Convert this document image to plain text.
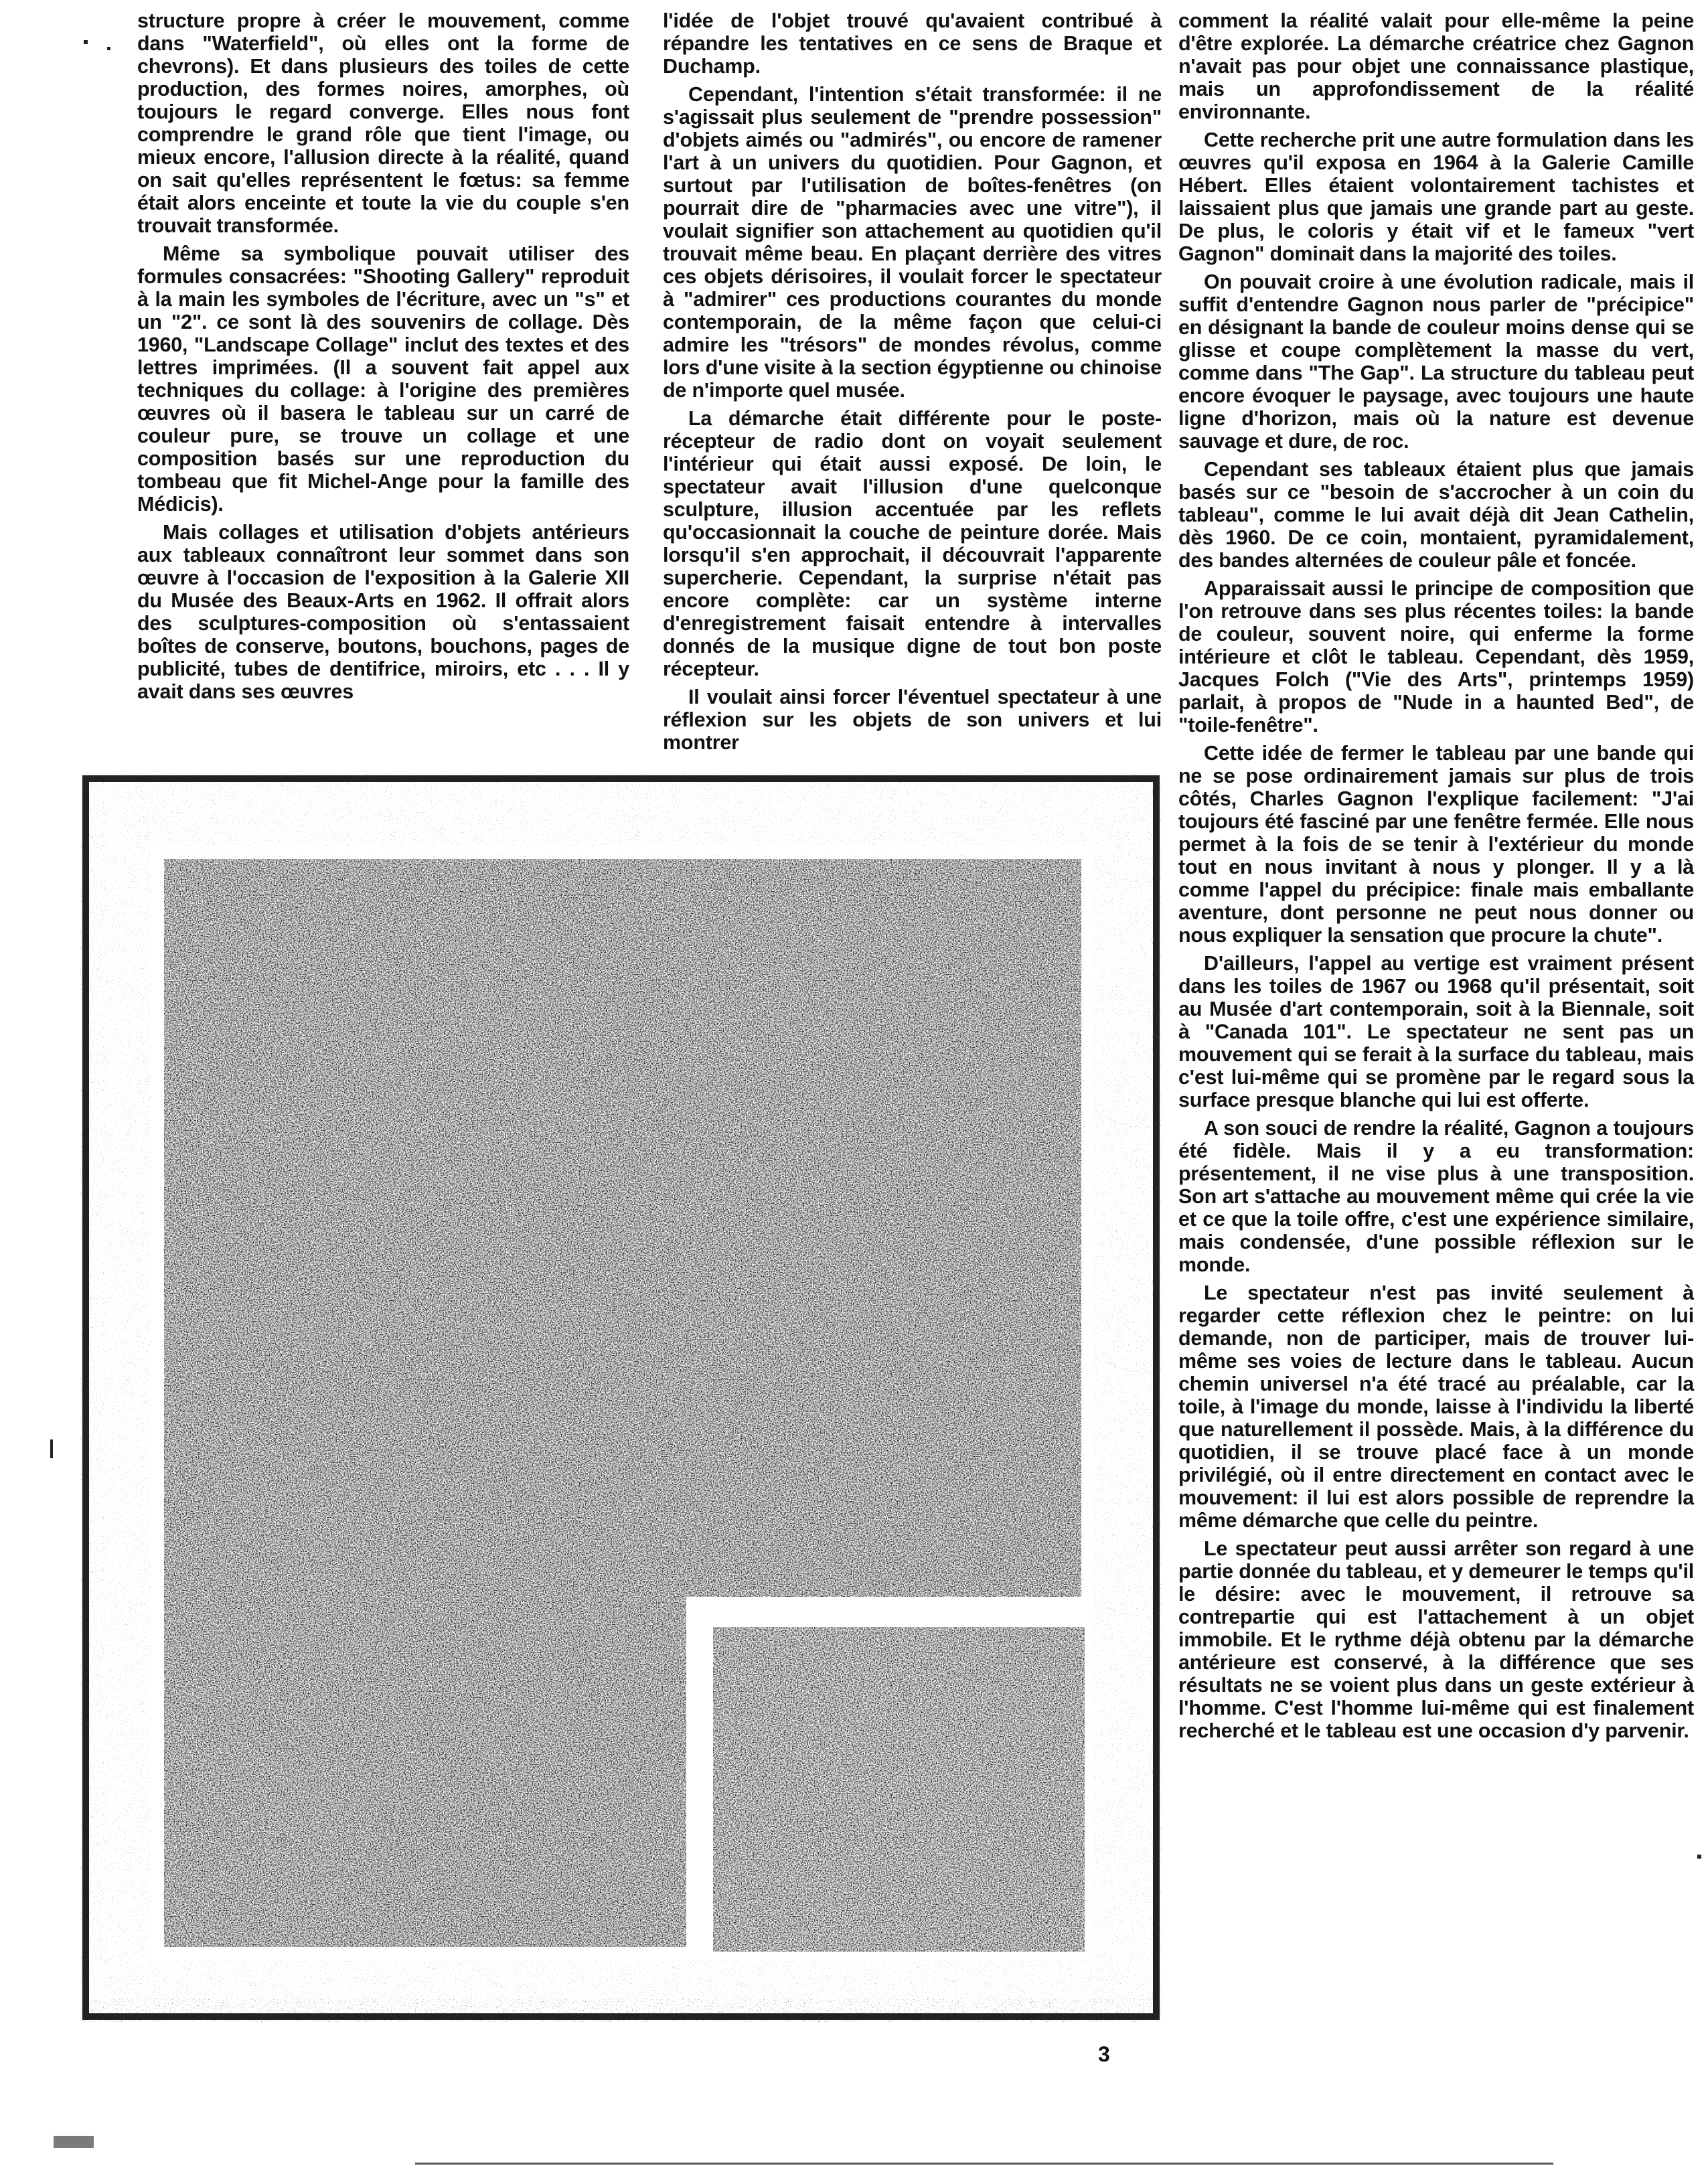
structure propre à créer le mouvement, comme dans "Waterfield", où elles ont la forme de chevrons). Et dans plusieurs des toiles de cette production, des formes noires, amorphes, où toujours le regard converge. Elles nous font comprendre le grand rôle que tient l'image, ou mieux encore, l'allusion directe à la réalité, quand on sait qu'elles représentent le fœtus: sa femme était alors enceinte et toute la vie du couple s'en trouvait transformée.

Même sa symbolique pouvait utiliser des formules consacrées: "Shooting Gallery" reproduit à la main les symboles de l'écriture, avec un "s" et un "2". ce sont là des souvenirs de collage. Dès 1960, "Landscape Collage" inclut des textes et des lettres imprimées. (Il a souvent fait appel aux techniques du collage: à l'origine des premières œuvres où il basera le tableau sur un carré de couleur pure, se trouve un collage et une composition basés sur une reproduction du tombeau que fit Michel-Ange pour la famille des Médicis).

Mais collages et utilisation d'objets antérieurs aux tableaux connaîtront leur sommet dans son œuvre à l'occasion de l'exposition à la Galerie XII du Musée des Beaux-Arts en 1962. Il offrait alors des sculptures-composition où s'entassaient boîtes de conserve, boutons, bouchons, pages de publicité, tubes de dentifrice, miroirs, etc . . . Il y avait dans ses œuvres

l'idée de l'objet trouvé qu'avaient contribué à répandre les tentatives en ce sens de Braque et Duchamp.

Cependant, l'intention s'était transformée: il ne s'agissait plus seulement de "prendre possession" d'objets aimés ou "admirés", ou encore de ramener l'art à un univers du quotidien. Pour Gagnon, et surtout par l'utilisation de boîtes-fenêtres (on pourrait dire de "pharmacies avec une vitre"), il voulait signifier son attachement au quotidien qu'il trouvait même beau. En plaçant derrière des vitres ces objets dérisoires, il voulait forcer le spectateur à "admirer" ces productions courantes du monde contemporain, de la même façon que celui-ci admire les "trésors" de mondes révolus, comme lors d'une visite à la section égyptienne ou chinoise de n'importe quel musée.

La démarche était différente pour le poste-récepteur de radio dont on voyait seulement l'intérieur qui était aussi exposé. De loin, le spectateur avait l'illusion d'une quelconque sculpture, illusion accentuée par les reflets qu'occasionnait la couche de peinture dorée. Mais lorsqu'il s'en approchait, il découvrait l'apparente supercherie. Cependant, la surprise n'était pas encore complète: car un système interne d'enregistrement faisait entendre à intervalles donnés de la musique digne de tout bon poste récepteur.

Il voulait ainsi forcer l'éventuel spectateur à une réflexion sur les objets de son univers et lui montrer

comment la réalité valait pour elle-même la peine d'être explorée. La démarche créatrice chez Gagnon n'avait pas pour objet une connaissance plastique, mais un approfondissement de la réalité environnante.

Cette recherche prit une autre formulation dans les œuvres qu'il exposa en 1964 à la Galerie Camille Hébert. Elles étaient volontairement tachistes et laissaient plus que jamais une grande part au geste. De plus, le coloris y était vif et le fameux "vert Gagnon" dominait dans la majorité des toiles.

On pouvait croire à une évolution radicale, mais il suffit d'entendre Gagnon nous parler de "précipice" en désignant la bande de couleur moins dense qui se glisse et coupe complètement la masse du vert, comme dans "The Gap". La structure du tableau peut encore évoquer le paysage, avec toujours une haute ligne d'horizon, mais où la nature est devenue sauvage et dure, de roc.

Cependant ses tableaux étaient plus que jamais basés sur ce "besoin de s'accrocher à un coin du tableau", comme le lui avait déjà dit Jean Cathelin, dès 1960. De ce coin, montaient, pyramidalement, des bandes alternées de couleur pâle et foncée.

Apparaissait aussi le principe de composition que l'on retrouve dans ses plus récentes toiles: la bande de couleur, souvent noire, qui enferme la forme intérieure et clôt le tableau. Cependant, dès 1959, Jacques Folch ("Vie des Arts", printemps 1959) parlait, à propos de "Nude in a haunted Bed", de "toile-fenêtre".

Cette idée de fermer le tableau par une bande qui ne se pose ordinairement jamais sur plus de trois côtés, Charles Gagnon l'explique facilement: "J'ai toujours été fasciné par une fenêtre fermée. Elle nous permet à la fois de se tenir à l'extérieur du monde tout en nous invitant à nous y plonger. Il y a là comme l'appel du précipice: finale mais emballante aventure, dont personne ne peut nous donner ou nous expliquer la sensation que procure la chute".

D'ailleurs, l'appel au vertige est vraiment présent dans les toiles de 1967 ou 1968 qu'il présentait, soit au Musée d'art contemporain, soit à la Biennale, soit à "Canada 101". Le spectateur ne sent pas un mouvement qui se ferait à la surface du tableau, mais c'est lui-même qui se promène par le regard sous la surface presque blanche qui lui est offerte.

A son souci de rendre la réalité, Gagnon a toujours été fidèle. Mais il y a eu transformation: présentement, il ne vise plus à une transposition. Son art s'attache au mouvement même qui crée la vie et ce que la toile offre, c'est une expérience similaire, mais condensée, d'une possible réflexion sur le monde.

Le spectateur n'est pas invité seulement à regarder cette réflexion chez le peintre: on lui demande, non de participer, mais de trouver lui-même ses voies de lecture dans le tableau. Aucun chemin universel n'a été tracé au préalable, car la toile, à l'image du monde, laisse à l'individu la liberté que naturellement il possède. Mais, à la différence du quotidien, il se trouve placé face à un monde privilégié, où il entre directement en contact avec le mouvement: il lui est alors possible de reprendre la même démarche que celle du peintre.

Le spectateur peut aussi arrêter son regard à une partie donnée du tableau, et y demeurer le temps qu'il le désire: avec le mouvement, il retrouve sa contrepartie qui est l'attachement à un objet immobile. Et le rythme déjà obtenu par la démarche antérieure est conservé, à la différence que ses résultats ne se voient plus dans un geste extérieur à l'homme. C'est l'homme lui-même qui est finalement recherché et le tableau est une occasion d'y parvenir.

3
